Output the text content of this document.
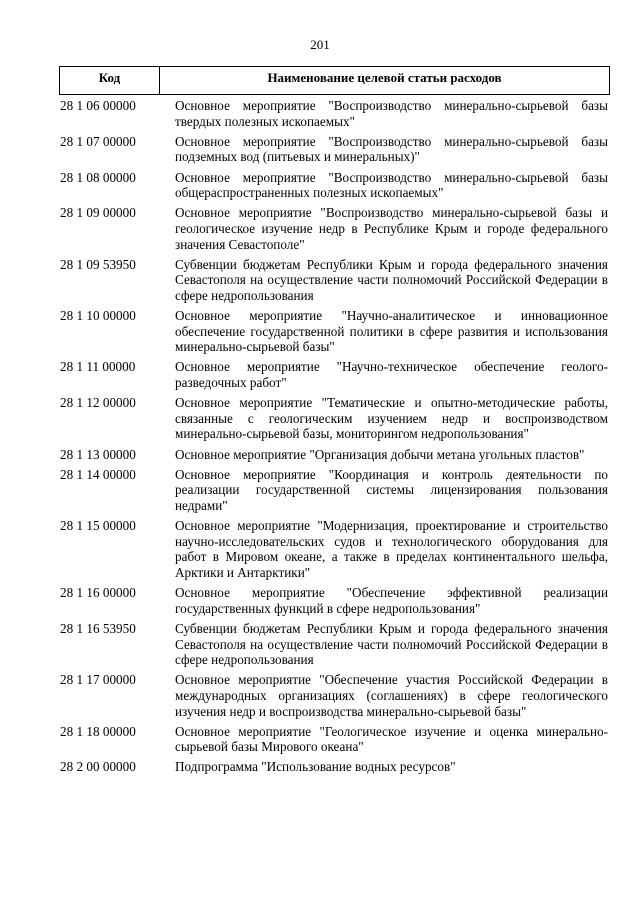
201
Код	Наименование целевой статьи расходов
28 1 06 00000	Основное мероприятие "Воспроизводство минерально-сырьевой базы твердых полезных ископаемых"
28 1 07 00000	Основное мероприятие "Воспроизводство минерально-сырьевой базы подземных вод (питьевых и минеральных)"
28 1 08 00000	Основное мероприятие "Воспроизводство минерально-сырьевой базы общераспространенных полезных ископаемых"
28 1 09 00000	Основное мероприятие "Воспроизводство минерально-сырьевой базы и геологическое изучение недр в Республике Крым и городе федерального значения Севастополе"
28 1 09 53950	Субвенции бюджетам Республики Крым и города федерального значения Севастополя на осуществление части полномочий Российской Федерации в сфере недропользования
28 1 10 00000	Основное мероприятие "Научно-аналитическое и инновационное обеспечение государственной политики в сфере развития и использования минерально-сырьевой базы"
28 1 11 00000	Основное мероприятие "Научно-техническое обеспечение геолого-разведочных работ"
28 1 12 00000	Основное мероприятие "Тематические и опытно-методические работы, связанные с геологическим изучением недр и воспроизводством минерально-сырьевой базы, мониторингом недропользования"
28 1 13 00000	Основное мероприятие "Организация добычи метана угольных пластов"
28 1 14 00000	Основное мероприятие "Координация и контроль деятельности по реализации государственной системы лицензирования пользования недрами"
28 1 15 00000	Основное мероприятие "Модернизация, проектирование и строительство научно-исследовательских судов и технологического оборудования для работ в Мировом океане, а также в пределах континентального шельфа, Арктики и Антарктики"
28 1 16 00000	Основное мероприятие "Обеспечение эффективной реализации государственных функций в сфере недропользования"
28 1 16 53950	Субвенции бюджетам Республики Крым и города федерального значения Севастополя на осуществление части полномочий Российской Федерации в сфере недропользования
28 1 17 00000	Основное мероприятие "Обеспечение участия Российской Федерации в международных организациях (соглашениях) в сфере геологического изучения недр и воспроизводства минерально-сырьевой базы"
28 1 18 00000	Основное мероприятие "Геологическое изучение и оценка минерально-сырьевой базы Мирового океана"
28 2 00 00000	Подпрограмма "Использование водных ресурсов"
